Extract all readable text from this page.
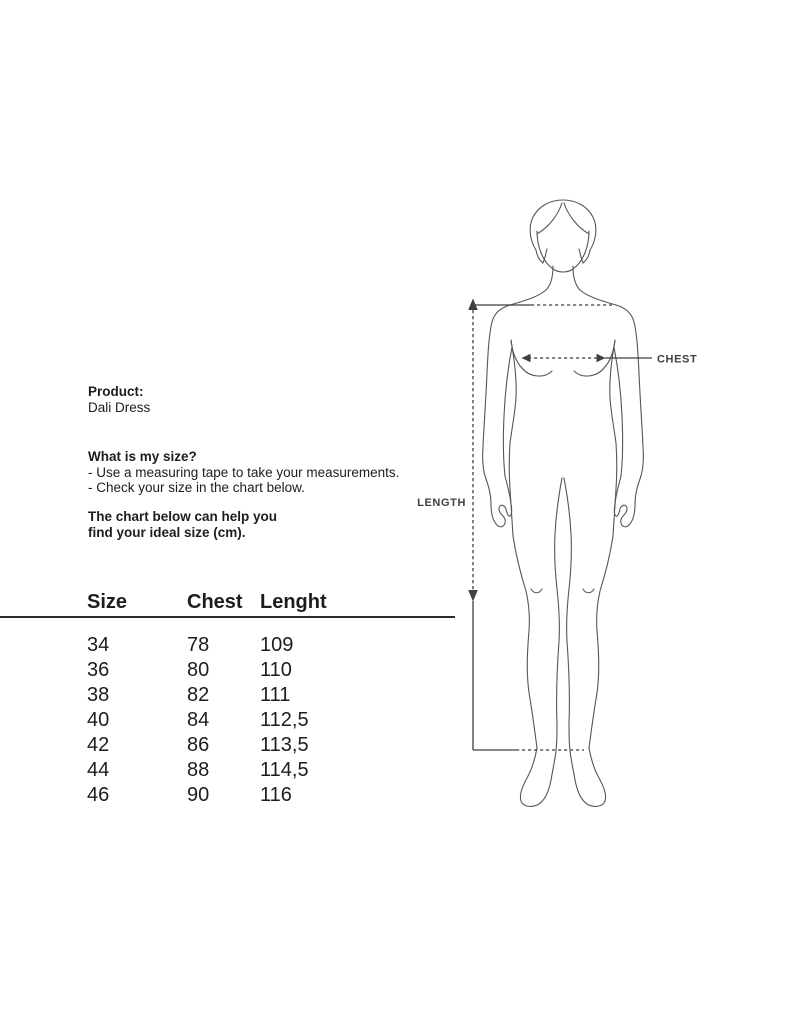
Product:
Dali Dress
What is my size?
- Use a measuring tape to take your measurements.
- Check your size in the chart below.
The chart below can help you
find your ideal size (cm).
Size	Chest Lenght
34	78	109
36	80	110
38	82	111
40	84	112,5
42	86	113,5
44	88	114,5
46	90	116
LENGTH
CHEST
